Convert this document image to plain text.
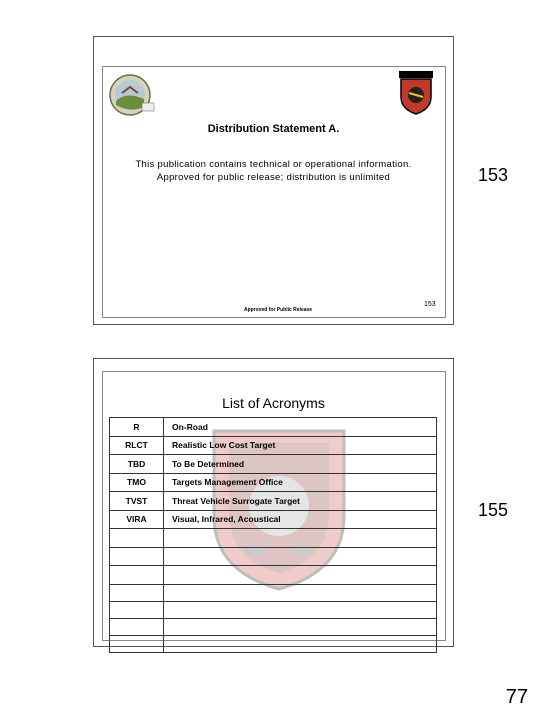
Distribution Statement A.
This publication contains technical or operational information.
Approved for public release; distribution is unlimited
Approved for Public Release
153
153
List of Acronyms
R	On-Road
RLCT	Realistic Low Cost Target
TBD	To Be Determined
TMO	Targets Management Office
TVST	Threat Vehicle Surrogate Target
VIRA	Visual, Infrared, Acoustical

		155
77
